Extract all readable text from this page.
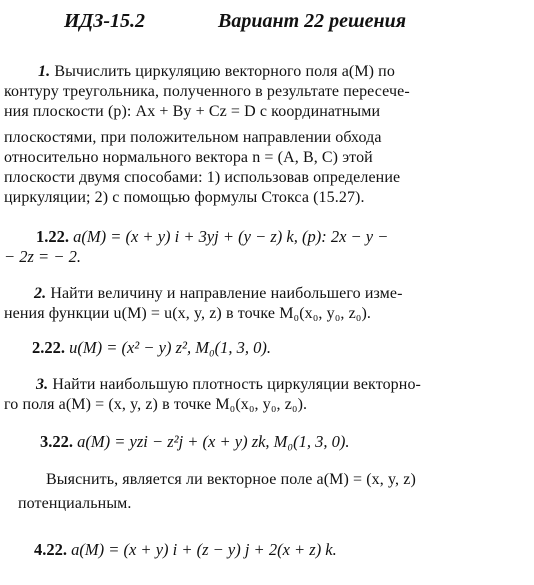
ИДЗ-15.2	Вариант 22 решения
1. Вычислить циркуляцию векторного поля a(M) по
контуру треугольника, полученного в результате пересече-
ния плоскости (p): Ax + By + Cz = D с координатными
плоскостями, при положительном направлении обхода
относительно нормального вектора n = (A, B, C) этой
плоскости двумя способами: 1) использовав определение
циркуляции; 2) с помощью формулы Стокса (15.27).
1.22. a(M) = (x + y) i + 3yj + (y − z) k, (p): 2x − y −
− 2z = − 2.
2. Найти величину и направление наибольшего изме-
нения функции u(M) = u(x, y, z) в точке M₀(x₀, y₀, z₀).
2.22. u(M) = (x² − y) z², M₀(1, 3, 0).
3. Найти наибольшую плотность циркуляции векторно-
го поля a(M) = (x, y, z) в точке M₀(x₀, y₀, z₀).
3.22. a(M) = yzi − z²j + (x + y) zk, M₀(1, 3, 0).
Выяснить, является ли векторное поле a(M) = (x, y, z)
потенциальным.
4.22. a(M) = (x + y) i + (z − y) j + 2(x + z) k.
